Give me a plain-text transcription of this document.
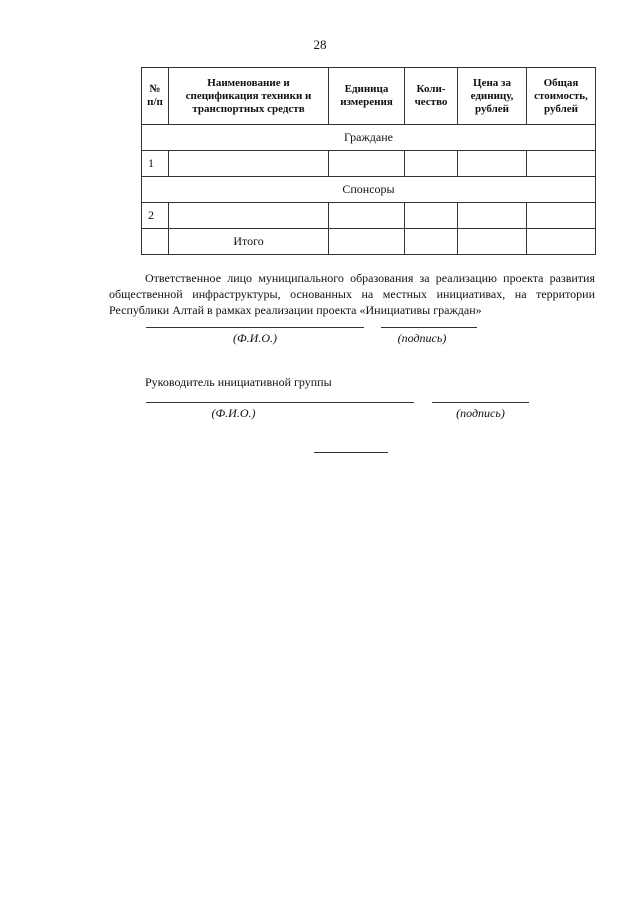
28
№ п/п	Наименование и спецификация техники и транспортных средств	Единица измерения	Коли-чество	Цена за единицу, рублей	Общая стоимость, рублей
Граждане					
1					
Спонсоры					
2					
	Итого				

Ответственное лицо муниципального образования за реализацию проекта развития общественной инфраструктуры, основанных на местных инициативах, на территории Республики Алтай в рамках реализации проекта «Инициативы граждан»

(Ф.И.О.)	(подпись)
Руководитель инициативной группы
(Ф.И.О.)	(подпись)
